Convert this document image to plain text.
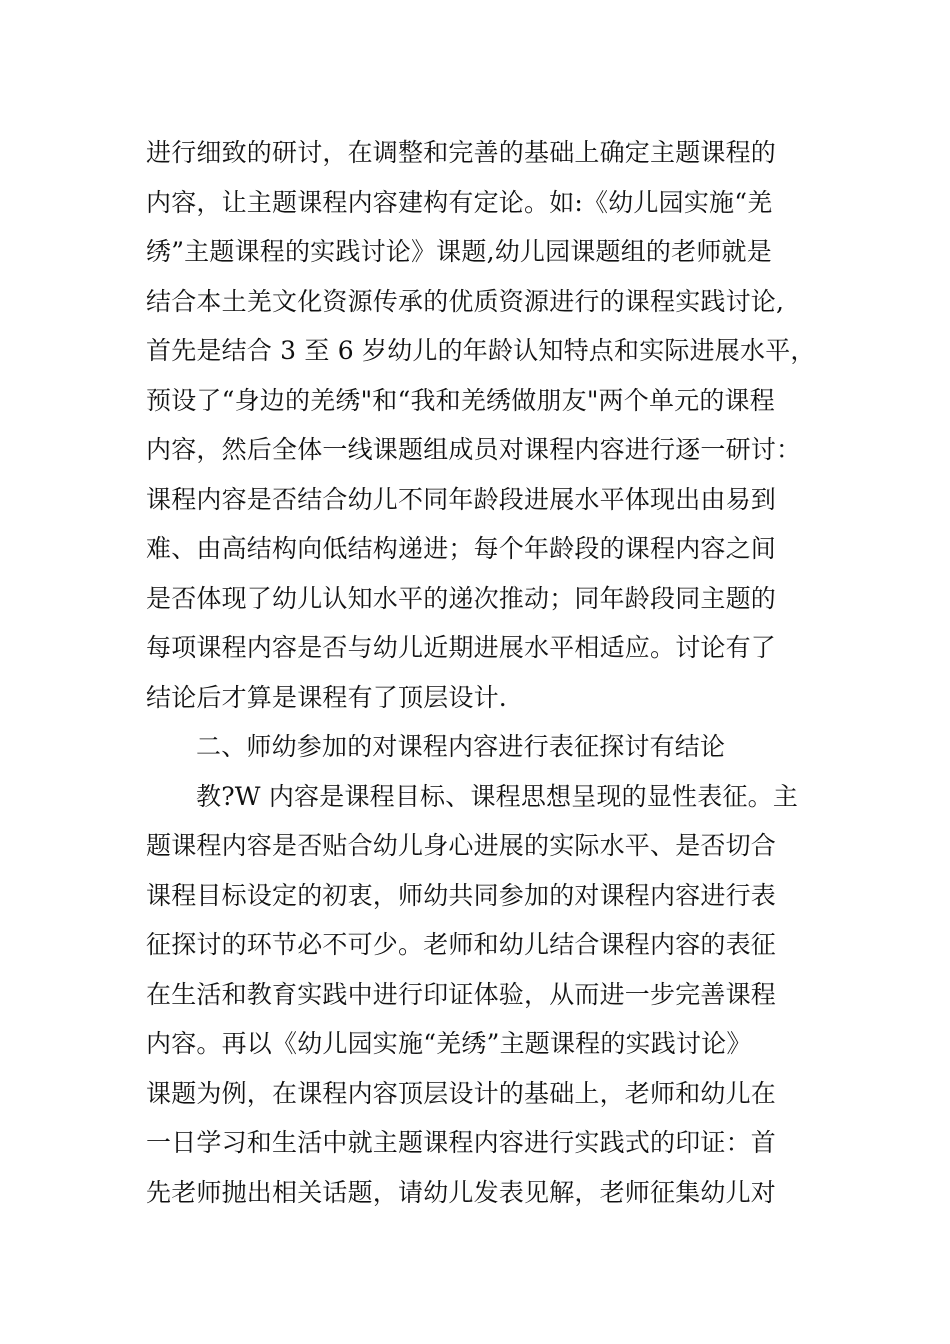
进行细致的研讨，在调整和完善的基础上确定主题课程的
内容，让主题课程内容建构有定论。如:《幼儿园实施“羌
绣”主题课程的实践讨论》课题,幼儿园课题组的老师就是
结合本土羌文化资源传承的优质资源进行的课程实践讨论,
首先是结合 3 至 6 岁幼儿的年龄认知特点和实际进展水平，
预设了“身边的羌绣"和“我和羌绣做朋友"两个单元的课程
内容，然后全体一线课题组成员对课程内容进行逐一研讨：
课程内容是否结合幼儿不同年龄段进展水平体现出由易到
难、由高结构向低结构递进；每个年龄段的课程内容之间
是否体现了幼儿认知水平的递次推动；同年龄段同主题的
每项课程内容是否与幼儿近期进展水平相适应。讨论有了
结论后才算是课程有了顶层设计.
二、师幼参加的对课程内容进行表征探讨有结论
教?W 内容是课程目标、课程思想呈现的显性表征。主
题课程内容是否贴合幼儿身心进展的实际水平、是否切合
课程目标设定的初衷，师幼共同参加的对课程内容进行表
征探讨的环节必不可少。老师和幼儿结合课程内容的表征
在生活和教育实践中进行印证体验，从而进一步完善课程
内容。再以《幼儿园实施“羌绣”主题课程的实践讨论》
课题为例，在课程内容顶层设计的基础上，老师和幼儿在
一日学习和生活中就主题课程内容进行实践式的印证：首
先老师抛出相关话题，请幼儿发表见解，老师征集幼儿对
